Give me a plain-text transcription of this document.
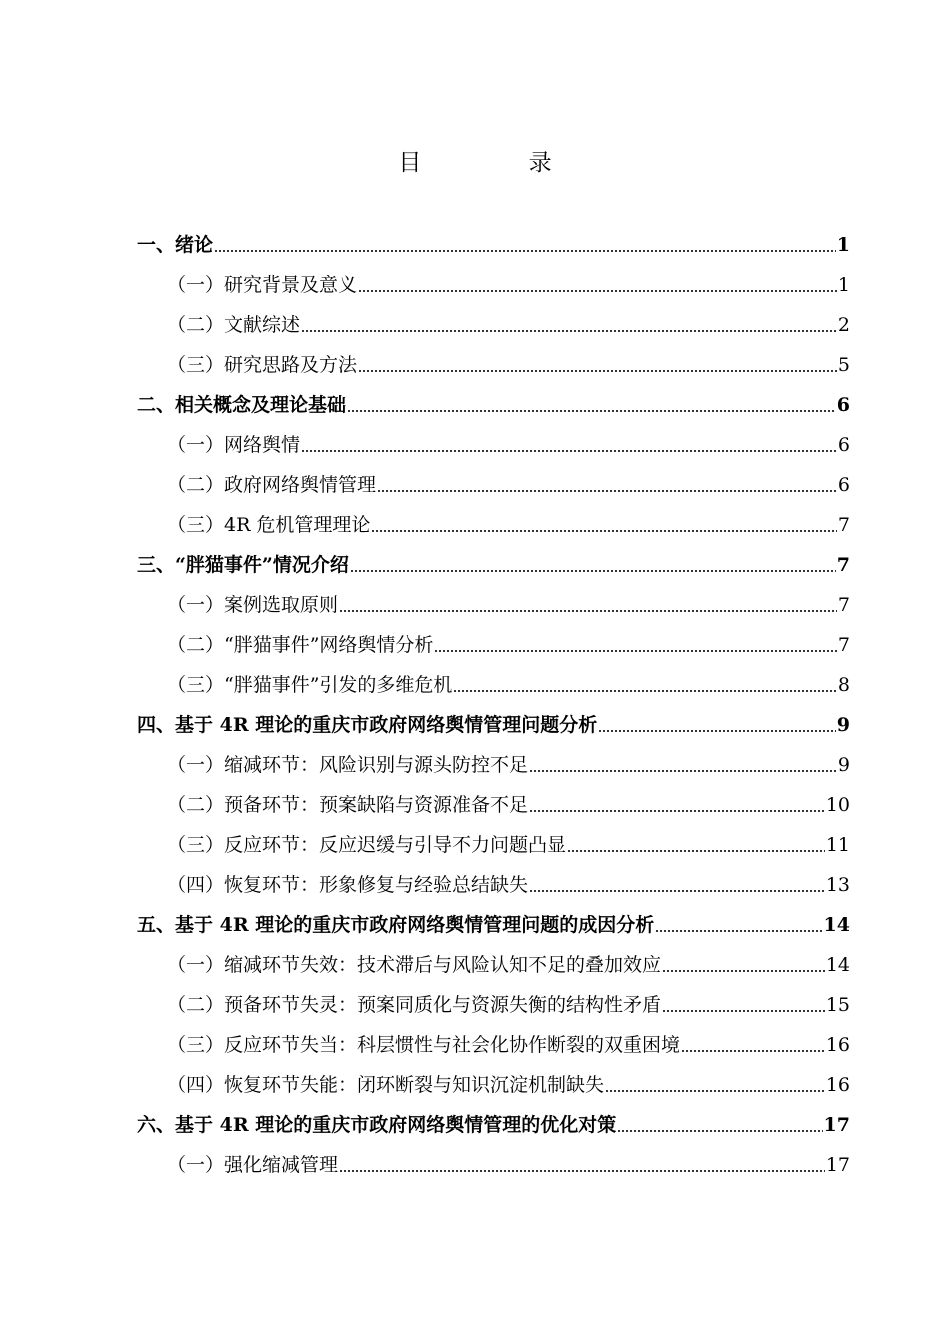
目 录
一、绪论	1
（一）研究背景及意义	1
（二）文献综述	2
（三）研究思路及方法	5
二、相关概念及理论基础	6
（一）网络舆情	6
（二）政府网络舆情管理	6
（三）4R 危机管理理论	7
三、“胖猫事件”情况介绍	7
（一）案例选取原则	7
（二）“胖猫事件”网络舆情分析	7
（三）“胖猫事件”引发的多维危机	8
四、基于 4R 理论的重庆市政府网络舆情管理问题分析	9
（一）缩减环节：风险识别与源头防控不足	9
（二）预备环节：预案缺陷与资源准备不足	10
（三）反应环节：反应迟缓与引导不力问题凸显	11
（四）恢复环节：形象修复与经验总结缺失	13
五、基于 4R 理论的重庆市政府网络舆情管理问题的成因分析	14
（一）缩减环节失效：技术滞后与风险认知不足的叠加效应	14
（二）预备环节失灵：预案同质化与资源失衡的结构性矛盾	15
（三）反应环节失当：科层惯性与社会化协作断裂的双重困境	16
（四）恢复环节失能：闭环断裂与知识沉淀机制缺失	16
六、基于 4R 理论的重庆市政府网络舆情管理的优化对策	17
（一）强化缩减管理	17
